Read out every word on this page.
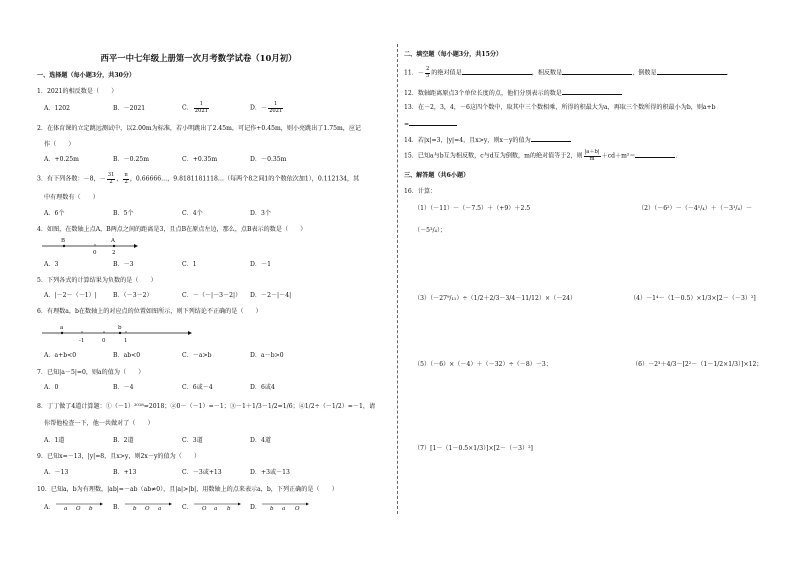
西平一中七年级上册第一次月考数学试卷（10月初）
一、选择题（每小题3分，共30分）
1．2021的相反数是（　　）
A．1202	B．－2021	C． $\frac{1}{2021}$	D．－ $\frac{1}{2021}$
2．在体育课的立定跳远测试中，以2.00m为标准，若小明跳出了2.45m，可记作+0.45m，则小亮跳出了1.75m，应记
作（　　）
A．+0.25m	B．－0.25m	C．+0.35m	D．－0.35m
3．有下列各数：－8，－ $\frac{31}{2}$ ， $\frac{\pi}{2}$ ，0.66666…，9.8181181118…（每两个8之间1的个数依次加1），0.112134，其
中有理数有（　　）
A．6个	B．5个	C．4个	D．3个
4．如图，在数轴上点A，B两点之间的距离是3，且点B在原点左边，那么，点B表示的数是（　　）
B	A
0	2
A．3	B．－3	C．1	D．－1
5．下列各式的计算结果为负数的是（　　）
A．|－2－（－1）|	B．（－3－2）	C．－（－|－3－2|） D．－2－|－4|
6．有理数a，b在数轴上的对应点的位置如图所示，则下列结论不正确的是（　　）
a	b
-1	0	1
A．a+b<0	B．ab<0	C．－a>b	D．a－b>0
7．已知|a－5|=0，则a的值为（　　）
A．0	B．－4	C．6或－4	D．6或4
8．丁丁做了4道计算题：①（－1）²⁰¹⁸=2018；②0－（－1）=－1；③－1＋1/3－1/2=1/6；④1/2÷（－1/2）=－1，请
你帮他检查一下，他一共做对了（　　）
A．1道	B．2道	C．3道	D．4道
9．已知x=－13，|y|=8，且x>y，则2x－y的值为（　　）
A．－13	B．+13	C．－3或+13	D．+3或－13
10．已知a，b为有理数，|ab|=－ab（ab≠0），且|a|>|b|，用数轴上的点来表示a，b，下列正确的是（　　）
A． a O b	B． b O a	C． O a b	D． b a O
二、填空题（每小题3分，共15分）
11．－ $\frac{2}{5}$ 的绝对值是	，相反数是	，倒数是	．
12．数轴距离原点3个单位长度的点，他们分别表示的数是
13．在－2，3，4，－6这四个数中，取其中三个数相乘，所得的积最大为a，再取三个数所得的积最小为b，则a+b
=
14．若|x|=3，|y|=4，且x>y，则x－y的值为
15．已知a与b互为相反数，c与d互为倒数，m的绝对值等于2，则 $\frac{|a+b|}{m} +cd+m^2=$	．
三、解答题（共6小题）
16．计算：
（1）（－11）－（－7.5）＋（+9）＋2.5	（2）（－6²）－（－4¹/₄）＋（－3¹/₄）－
（－5³/₄）；
（3）（－27⁹/₁₁）÷（1/2＋2/3－3/4－11/12）×（－24）	（4）－1⁴－（1－0.5）×1/3×[2－（－3）²]
（5）（－6）×（－4）＋（－32）÷（－8）－3；	（6）－2³＋4/3－[2²－（1－1/2×1/3）]×12；
（7）[1－（1－0.5×1/3）]×[2－（－3）²]
